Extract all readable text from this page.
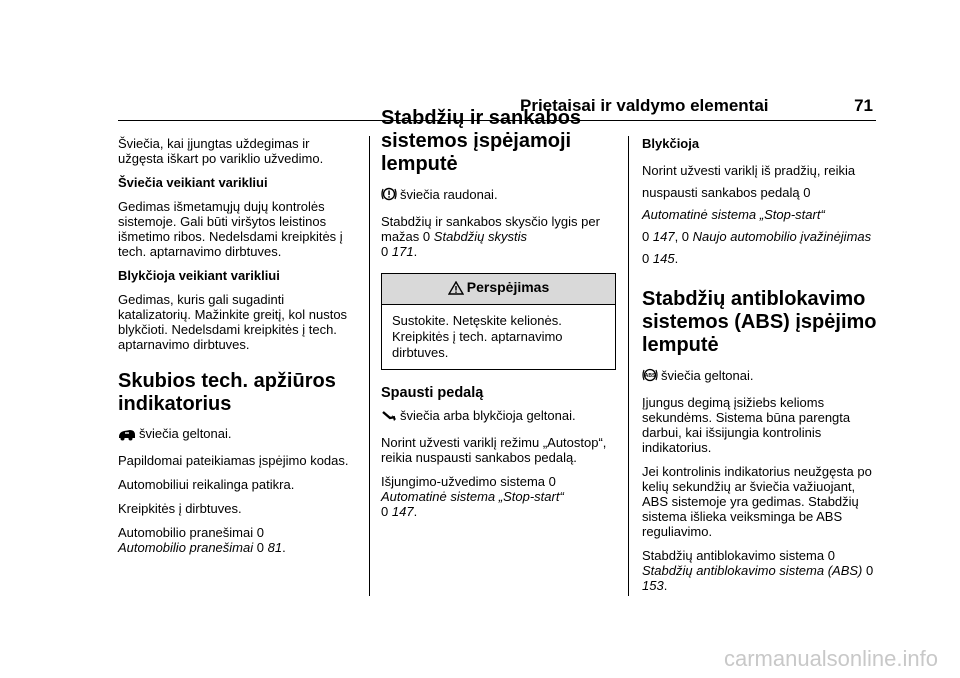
Prietaisai ir valdymo elementai	71

Šviečia, kai įjungtas uždegimas ir užgęsta iškart po variklio užvedimo.

Šviečia veikiant varikliui

Gedimas išmetamųjų dujų kontrolės sistemoje. Gali būti viršytos leistinos išmetimo ribos. Nedelsdami kreipkitės į tech. aptarnavimo dirbtuves.

Blykčioja veikiant varikliui

Gedimas, kuris gali sugadinti katalizatorių. Mažinkite greitį, kol nustos blykčioti. Nedelsdami kreipkitės į tech. aptarnavimo dirbtuves.

Skubios tech. apžiūros indikatorius

šviečia geltonai.

Papildomai pateikiamas įspėjimo kodas.

Automobiliui reikalinga patikra.

Kreipkitės į dirbtuves.

Automobilio pranešimai 0
Automobilio pranešimai 0 81.

Stabdžių ir sankabos sistemos įspėjamoji lemputė

šviečia raudonai.

Stabdžių ir sankabos skysčio lygis per mažas 0 Stabdžių skystis
0 171.

Perspėjimas
Sustokite. Netęskite kelionės. Kreipkitės į tech. aptarnavimo dirbtuves.
Spausti pedalą

šviečia arba blykčioja geltonai.

Norint užvesti variklį režimu „Autostop“, reikia nuspausti sankabos pedalą.

Išjungimo-užvedimo sistema 0
Automatinė sistema „Stop-start“
0 147.

Blykčioja

Norint užvesti variklį iš pradžių, reikia nuspausti sankabos pedalą 0 Automatinė sistema „Stop-start“
0 147, 0 Naujo automobilio įvažinėjimas 0 145.

Stabdžių antiblokavimo sistemos (ABS) įspėjimo lemputė

ABS šviečia geltonai.

Įjungus degimą įsižiebs kelioms sekundėms. Sistema būna parengta darbui, kai išsijungia kontrolinis indikatorius.

Jei kontrolinis indikatorius neužgęsta po kelių sekundžių ar šviečia važiuojant, ABS sistemoje yra gedimas. Stabdžių sistema išlieka veiksminga be ABS reguliavimo.

Stabdžių antiblokavimo sistema 0
Stabdžių antiblokavimo sistema (ABS) 0 153.

carmanualsonline.info
